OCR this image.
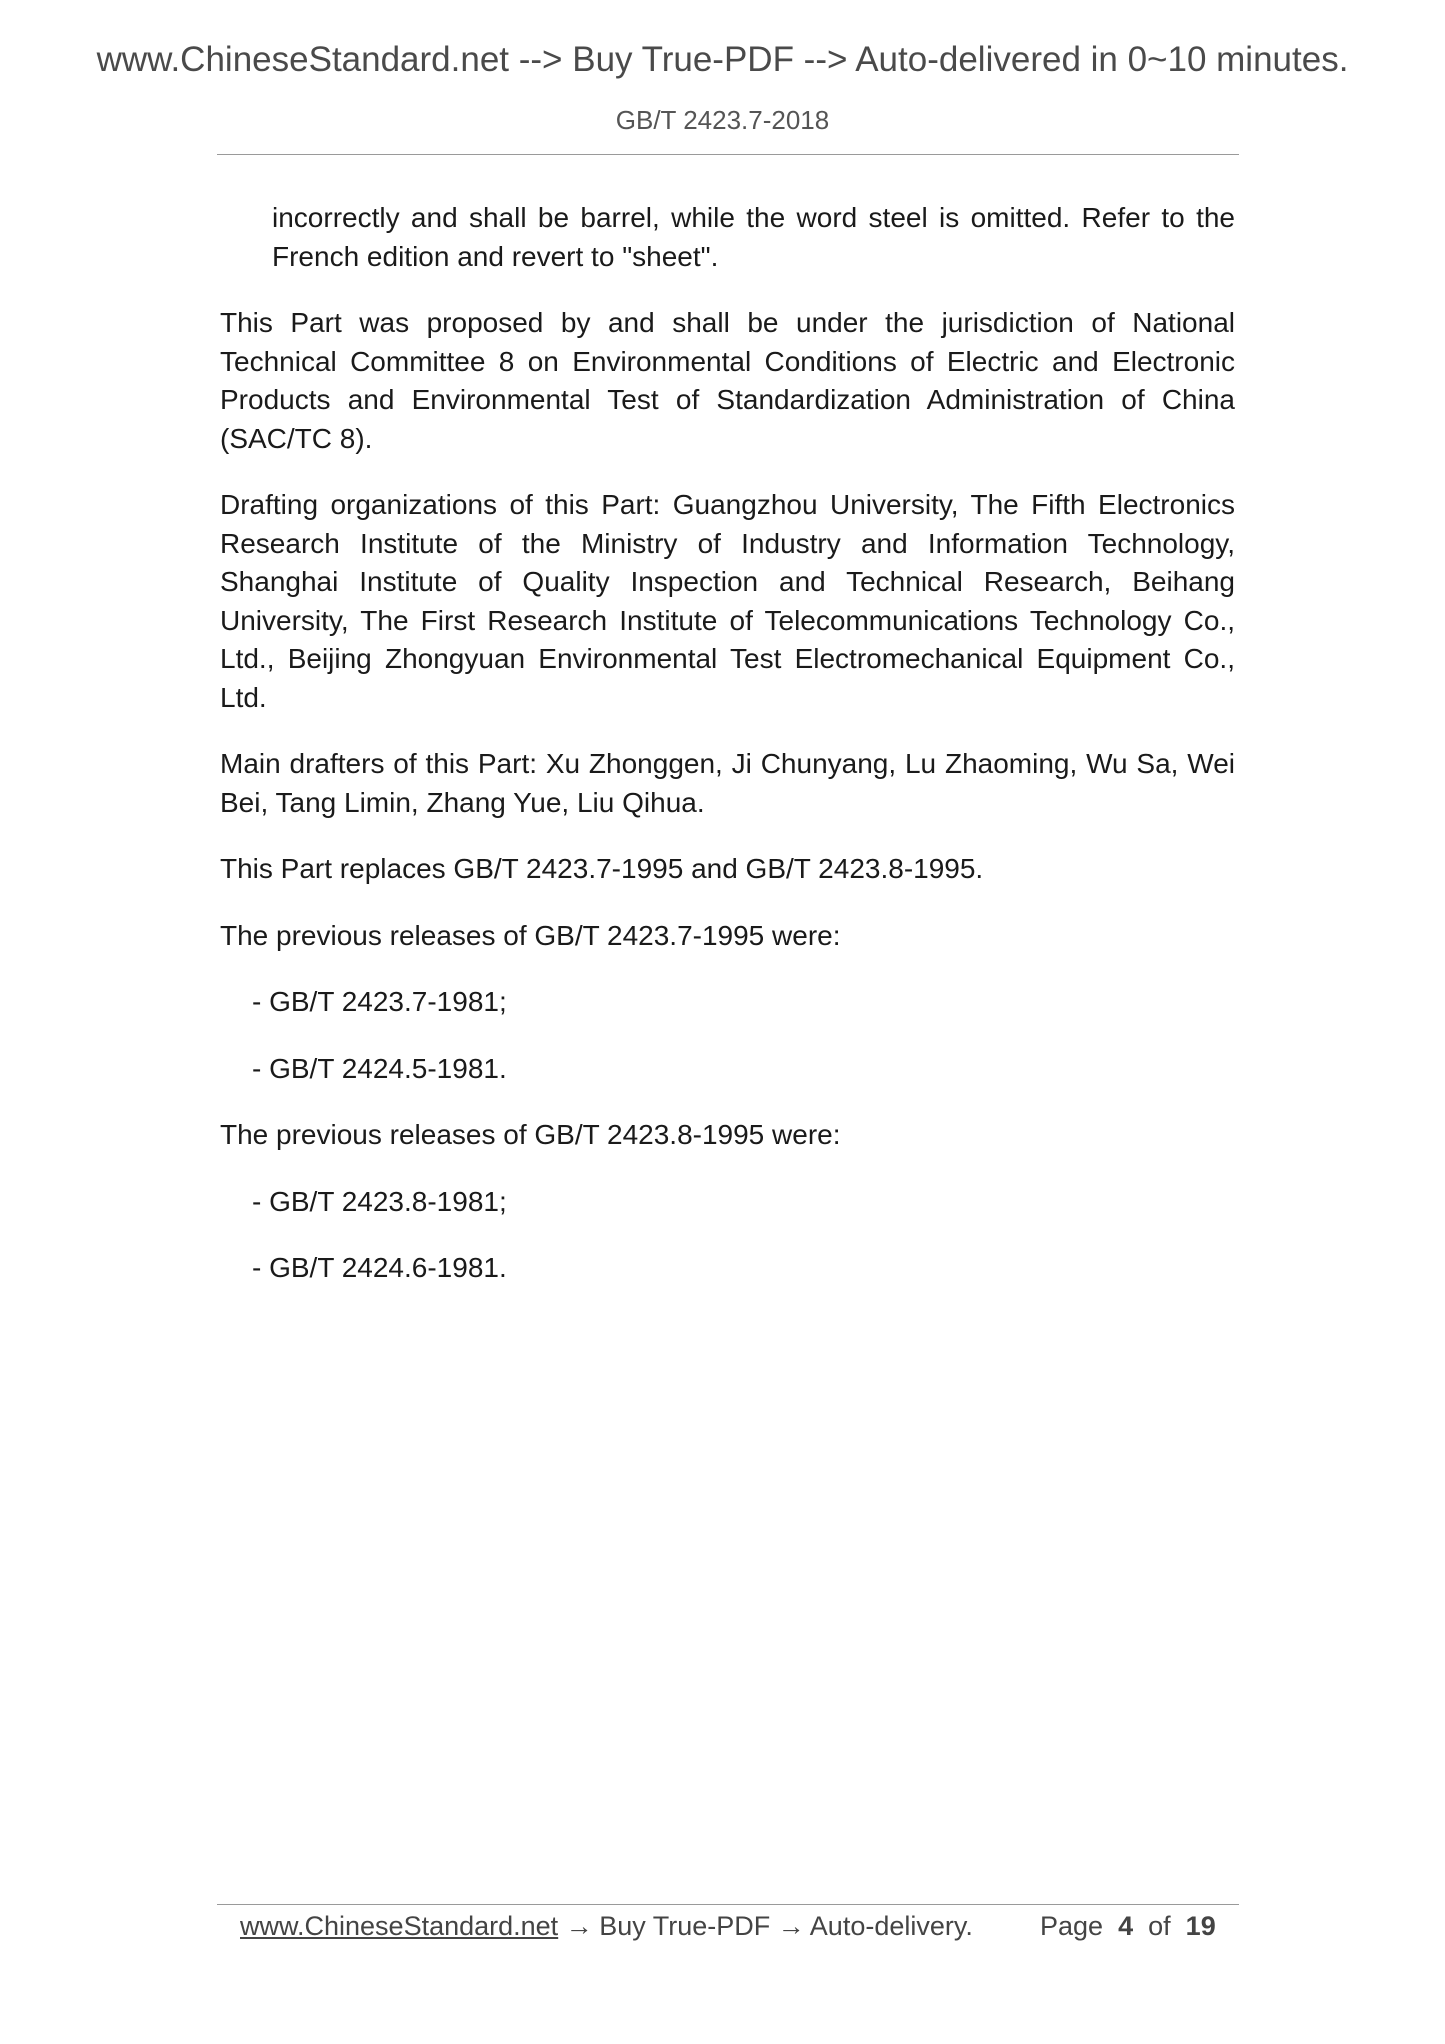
www.ChineseStandard.net --> Buy True-PDF --> Auto-delivered in 0~10 minutes.
GB/T 2423.7-2018

incorrectly and shall be barrel, while the word steel is omitted. Refer to the French edition and revert to "sheet".

This Part was proposed by and shall be under the jurisdiction of National Technical Committee 8 on Environmental Conditions of Electric and Electronic Products and Environmental Test of Standardization Administration of China (SAC/TC 8).

Drafting organizations of this Part: Guangzhou University, The Fifth Electronics Research Institute of the Ministry of Industry and Information Technology, Shanghai Institute of Quality Inspection and Technical Research, Beihang University, The First Research Institute of Telecommunications Technology Co., Ltd., Beijing Zhongyuan Environmental Test Electromechanical Equipment Co., Ltd.

Main drafters of this Part: Xu Zhonggen, Ji Chunyang, Lu Zhaoming, Wu Sa, Wei Bei, Tang Limin, Zhang Yue, Liu Qihua.

This Part replaces GB/T 2423.7-1995 and GB/T 2423.8-1995.

The previous releases of GB/T 2423.7-1995 were:

- GB/T 2423.7-1981;

- GB/T 2424.5-1981.

The previous releases of GB/T 2423.8-1995 were:

- GB/T 2423.8-1981;

- GB/T 2424.6-1981.

www.ChineseStandard.net → Buy True-PDF → Auto-delivery. Page 4 of 19
